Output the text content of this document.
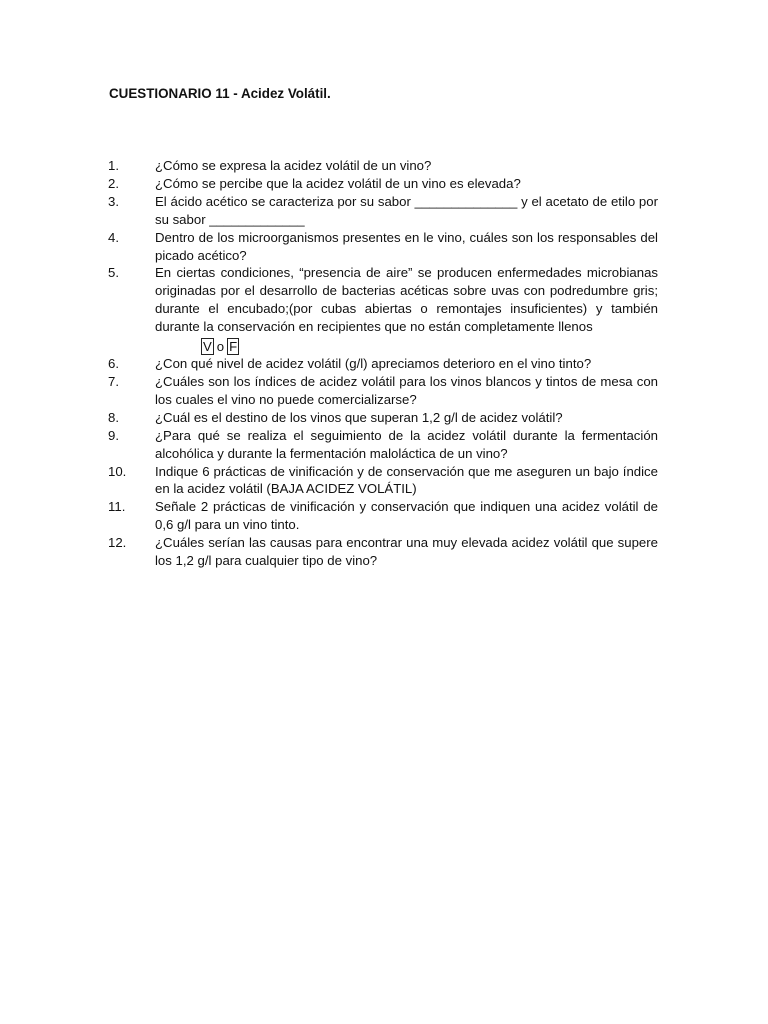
CUESTIONARIO 11 - Acidez Volátil.
1.	¿Cómo se expresa la acidez volátil de un vino?
2.	¿Cómo se percibe que la acidez volátil de un vino es elevada?
3.	El ácido acético se caracteriza por su sabor ______________ y el acetato de etilo por su sabor _____________
4.	Dentro de los microorganismos presentes en le vino, cuáles son los responsables del picado acético?
5.	En ciertas condiciones, “presencia de aire” se producen enfermedades microbianas originadas por el desarrollo de bacterias acéticas sobre uvas con podredumbre gris; durante el encubado;(por cubas abiertas o remontajes insuficientes) y también durante la conservación en recipientes que no están completamente llenos
V o F
6.	¿Con qué nivel de acidez volátil (g/l) apreciamos deterioro en el vino tinto?
7.	¿Cuáles son los índices de acidez volátil para los vinos blancos y tintos de mesa con los cuales el vino no puede comercializarse?
8.	¿Cuál es el destino de los vinos que superan 1,2 g/l de acidez volátil?
9.	¿Para qué se realiza el seguimiento de la acidez volátil durante la fermentación alcohólica y durante la fermentación maloláctica de un vino?
10.	Indique 6 prácticas de vinificación y de conservación que me aseguren un bajo índice en la acidez volátil (BAJA ACIDEZ VOLÁTIL)
11.	Señale 2 prácticas de vinificación y conservación que indiquen una acidez volátil de 0,6 g/l para un vino tinto.
12.	¿Cuáles serían las causas para encontrar una muy elevada acidez volátil que supere los 1,2 g/l para cualquier tipo de vino?
